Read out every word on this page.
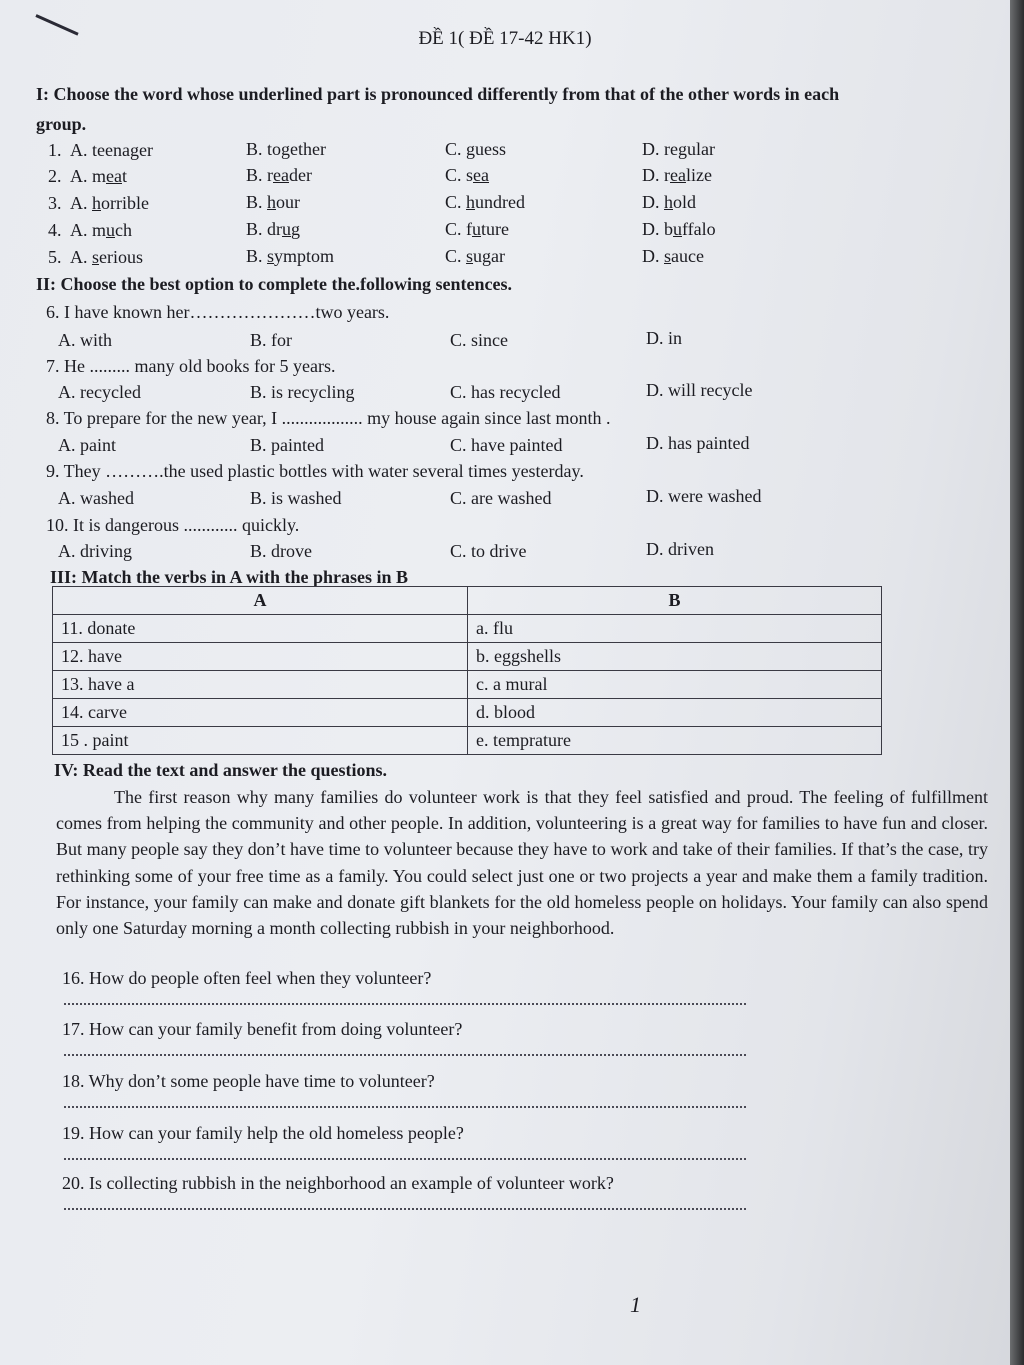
ĐỀ 1( ĐỀ 17-42 HK1)
I: Choose the word whose underlined part is pronounced differently from that of the other words in each
group.
1. A. teenager	B. together	C. guess	D. regular
2. A. meat	B. reader	C. sea	D. realize
3. A. horrible	B. hour	C. hundred	D. hold
4. A. much	B. drug	C. future	D. buffalo
5. A. serious	B. symptom	C. sugar	D. sauce
II: Choose the best option to complete the.following sentences.
6. I have known her…………………two years.
A. with	B. for	C. since	D. in
7. He ......... many old books for 5 years.
A. recycled	B. is recycling	C. has recycled	D. will recycle
8. To prepare for the new year, I .................. my house again since last month .
A. paint	B. painted	C. have painted	D. has painted
9. They ……….the used plastic bottles with water several times yesterday.
A. washed	B. is washed	C. are washed	D. were washed
10. It is dangerous ............ quickly.
A. driving	B. drove	C. to drive	D. driven
III: Match the verbs in A with the phrases in B
A	B
11. donate	a. flu
12. have	b. eggshells
13. have a	c. a mural
14. carve	d. blood
15 . paint	e. temprature
IV: Read the text and answer the questions.
The first reason why many families do volunteer work is that they feel satisfied and proud. The feeling of fulfillment comes from helping the community and other people. In addition, volunteering is a great way for families to have fun and closer. But many people say they don’t have time to volunteer because they have to work and take of their families. If that’s the case, try rethinking some of your free time as a family. You could select just one or two projects a year and make them a family tradition. For instance, your family can make and donate gift blankets for the old homeless people on holidays. Your family can also spend only one Saturday morning a month collecting rubbish in your neighborhood.
16. How do people often feel when they volunteer?
17. How can your family benefit from doing volunteer?
18. Why don’t some people have time to volunteer?
19. How can your family help the old homeless people?
20. Is collecting rubbish in the neighborhood an example of volunteer work?
1
